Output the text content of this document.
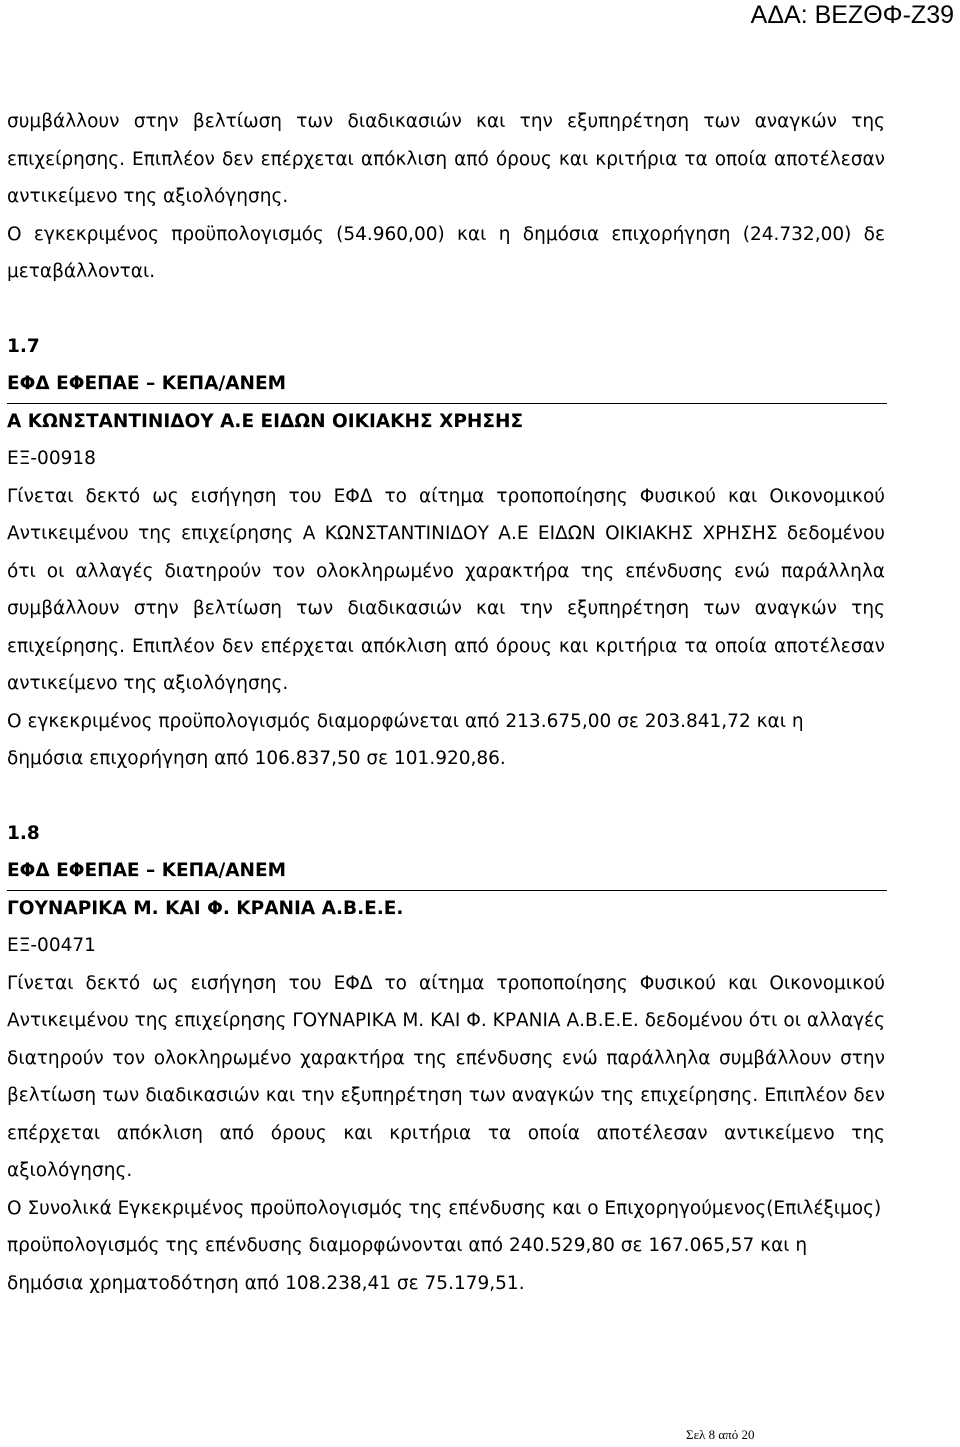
ΑΔΑ: ΒΕΖΘΦ-Ζ39

συμβάλλουν στην βελτίωση των διαδικασιών και την εξυπηρέτηση των αναγκών της επιχείρησης. Επιπλέον δεν επέρχεται απόκλιση από όρους και κριτήρια τα οποία αποτέλεσαν αντικείμενο της αξιολόγησης.

Ο εγκεκριμένος προϋπολογισμός (54.960,00) και η δημόσια επιχορήγηση (24.732,00) δε μεταβάλλονται.

1.7
ΕΦΔ ΕΦΕΠΑΕ – ΚΕΠΑ/ΑΝΕΜ
Α ΚΩΝΣΤΑΝΤΙΝΙΔΟΥ Α.Ε ΕΙΔΩΝ ΟΙΚΙΑΚΗΣ ΧΡΗΣΗΣ
ΕΞ-00918

Γίνεται δεκτό ως εισήγηση του ΕΦΔ το αίτημα τροποποίησης Φυσικού και Οικονομικού Αντικειμένου της επιχείρησης Α ΚΩΝΣΤΑΝΤΙΝΙΔΟΥ Α.Ε ΕΙΔΩΝ ΟΙΚΙΑΚΗΣ ΧΡΗΣΗΣ δεδομένου ότι οι αλλαγές διατηρούν τον ολοκληρωμένο χαρακτήρα της επένδυσης ενώ παράλληλα συμβάλλουν στην βελτίωση των διαδικασιών και την εξυπηρέτηση των αναγκών της επιχείρησης. Επιπλέον δεν επέρχεται απόκλιση από όρους και κριτήρια τα οποία αποτέλεσαν αντικείμενο της αξιολόγησης.

Ο εγκεκριμένος προϋπολογισμός διαμορφώνεται από 213.675,00 σε 203.841,72 και η δημόσια επιχορήγηση από 106.837,50 σε 101.920,86.

1.8
ΕΦΔ ΕΦΕΠΑΕ – ΚΕΠΑ/ΑΝΕΜ
ΓΟΥΝΑΡΙΚΑ Μ. ΚΑΙ Φ. ΚΡΑΝΙΑ Α.Β.Ε.Ε.
ΕΞ-00471

Γίνεται δεκτό ως εισήγηση του ΕΦΔ το αίτημα τροποποίησης Φυσικού και Οικονομικού Αντικειμένου της επιχείρησης ΓΟΥΝΑΡΙΚΑ Μ. ΚΑΙ Φ. ΚΡΑΝΙΑ Α.Β.Ε.Ε. δεδομένου ότι οι αλλαγές διατηρούν τον ολοκληρωμένο χαρακτήρα της επένδυσης ενώ παράλληλα συμβάλλουν στην βελτίωση των διαδικασιών και την εξυπηρέτηση των αναγκών της επιχείρησης. Επιπλέον δεν επέρχεται απόκλιση από όρους και κριτήρια τα οποία αποτέλεσαν αντικείμενο της αξιολόγησης.

Ο Συνολικά Εγκεκριμένος προϋπολογισμός της επένδυσης και ο Επιχορηγούμενος(Επιλέξιμος) προϋπολογισμός της επένδυσης διαμορφώνονται από 240.529,80 σε 167.065,57 και η δημόσια χρηματοδότηση από 108.238,41 σε 75.179,51.

Σελ 8 από 20
